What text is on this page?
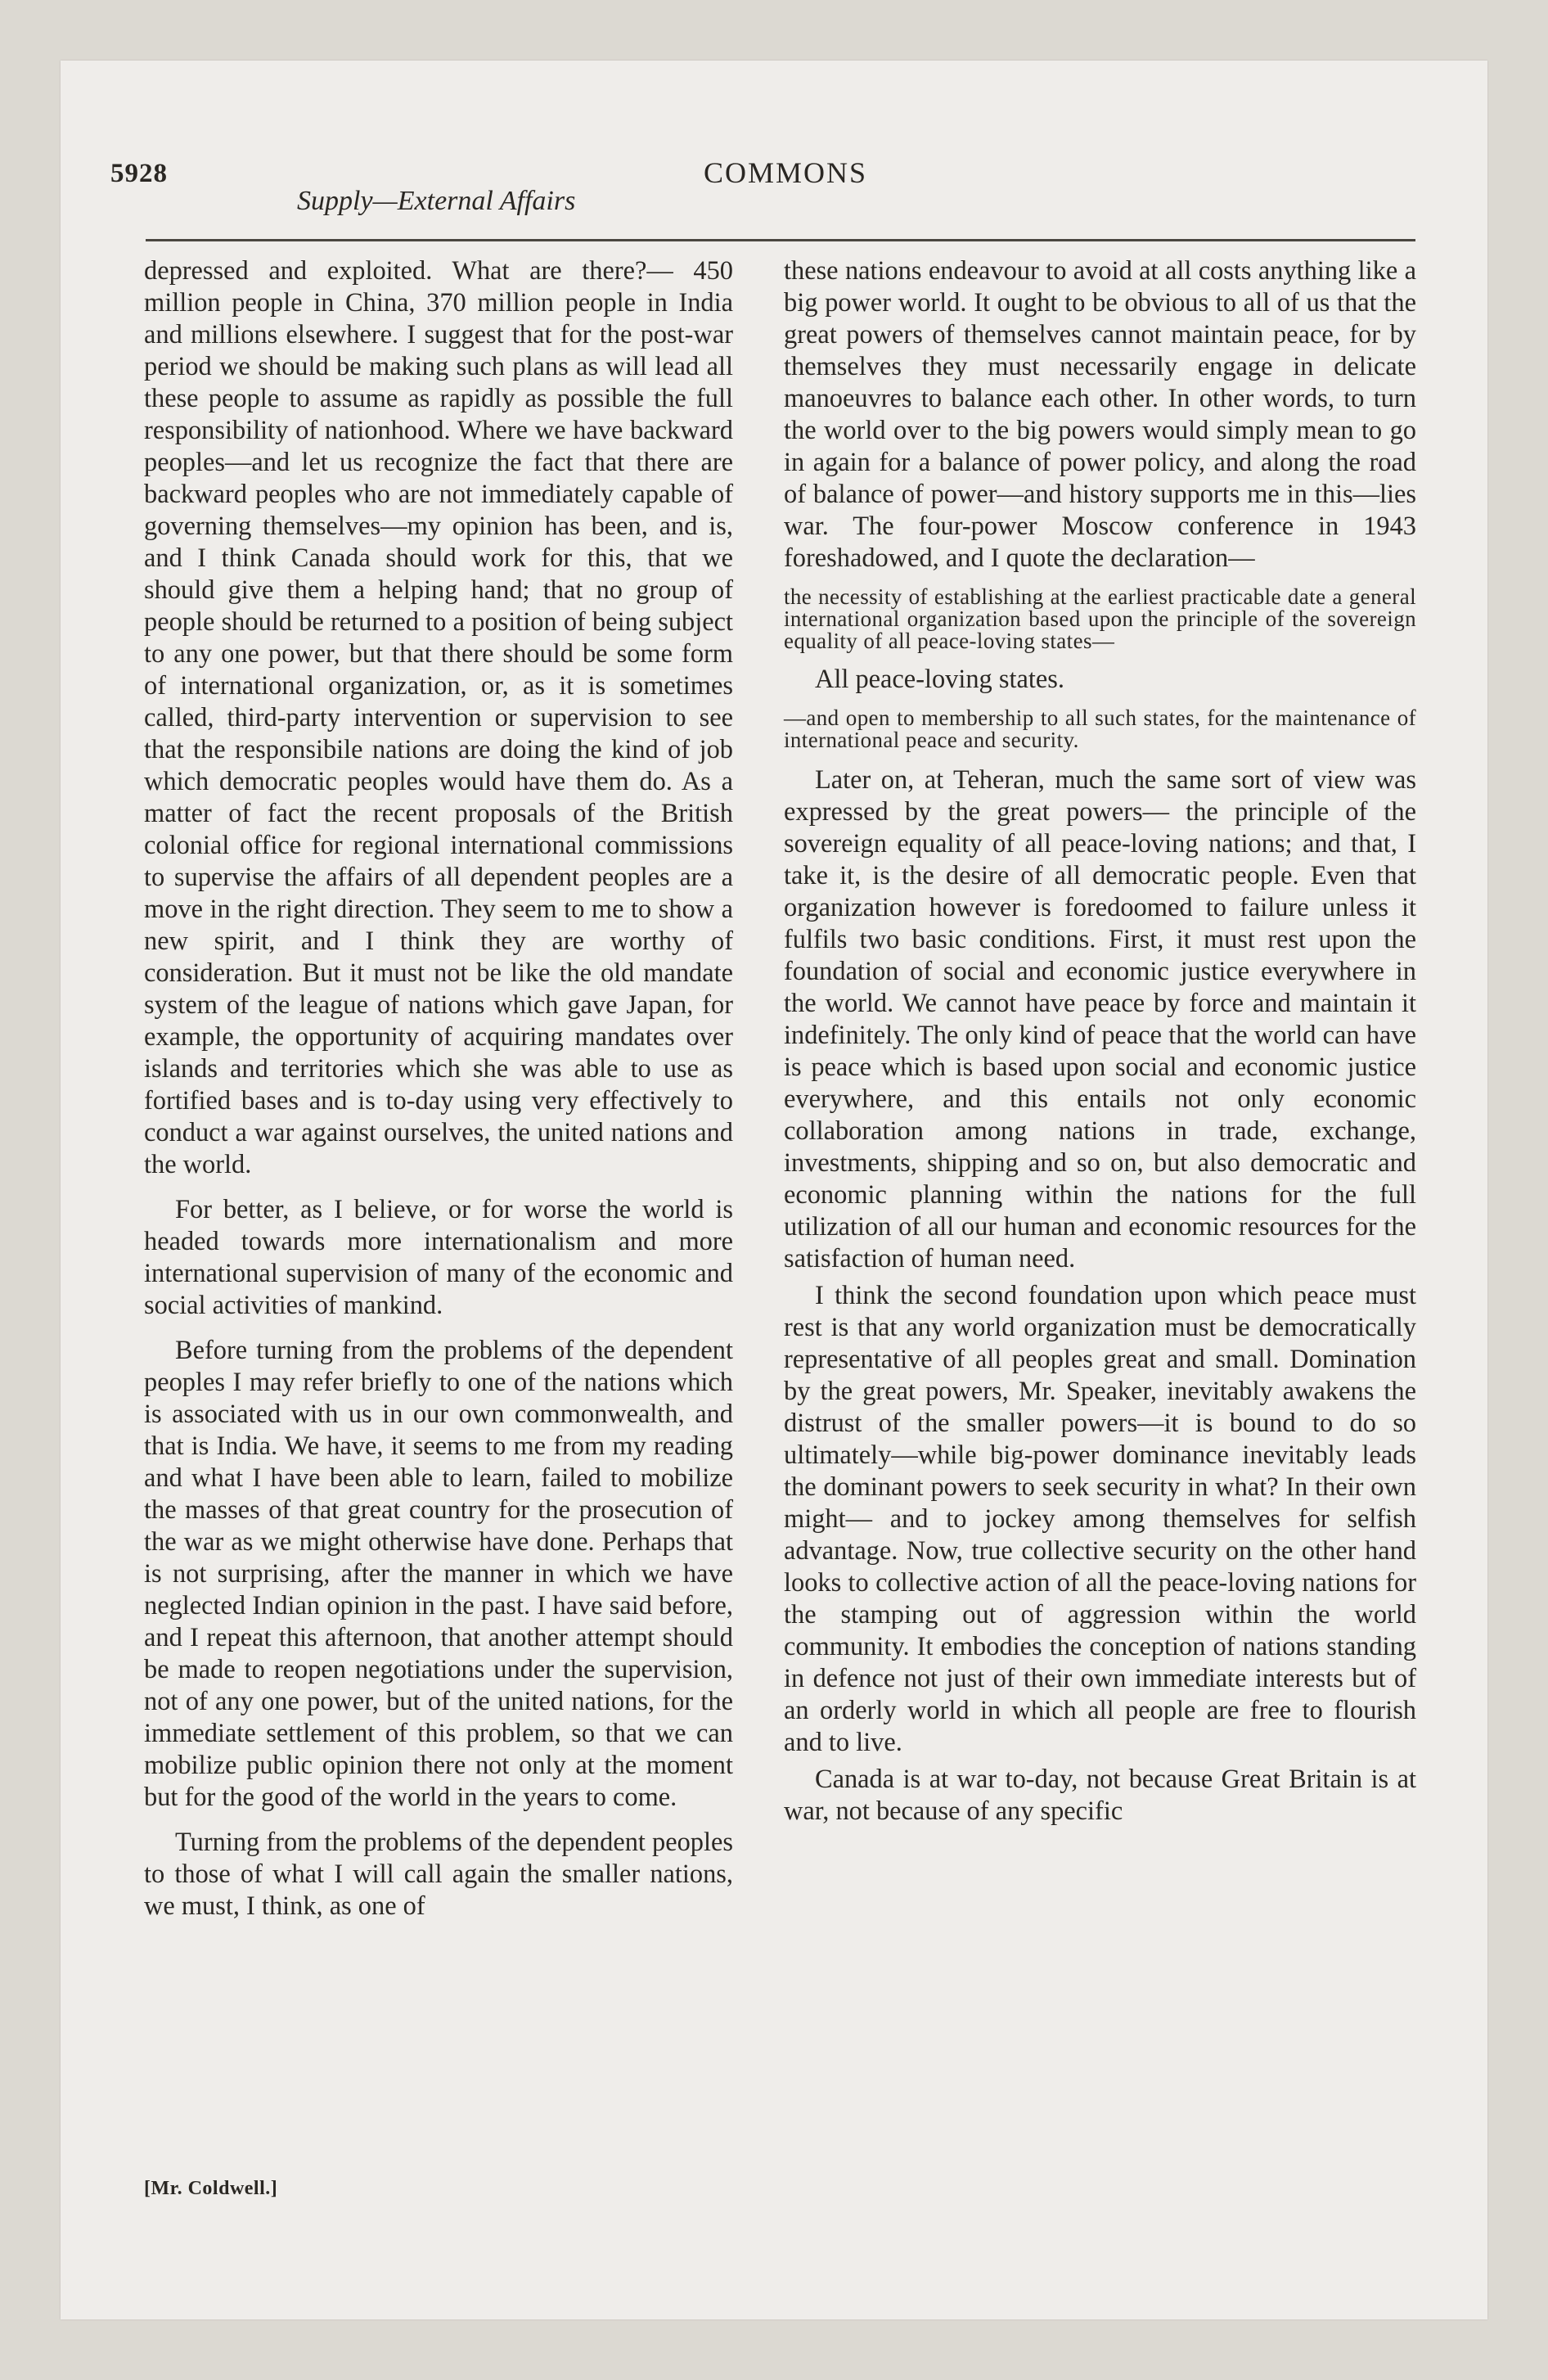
5928	COMMONS
Supply—External Affairs

depressed and exploited. What are there?— 450 million people in China, 370 million people in India and millions elsewhere. I suggest that for the post-war period we should be making such plans as will lead all these people to assume as rapidly as possible the full responsibility of nationhood. Where we have backward peoples—and let us recognize the fact that there are backward peoples who are not immediately capable of governing themselves—my opinion has been, and is, and I think Canada should work for this, that we should give them a helping hand; that no group of people should be returned to a position of being subject to any one power, but that there should be some form of international organization, or, as it is sometimes called, third-party intervention or supervision to see that the responsibile nations are doing the kind of job which democratic peoples would have them do. As a matter of fact the recent proposals of the British colonial office for regional international commissions to supervise the affairs of all dependent peoples are a move in the right direction. They seem to me to show a new spirit, and I think they are worthy of consideration. But it must not be like the old mandate system of the league of nations which gave Japan, for example, the opportunity of acquiring mandates over islands and territories which she was able to use as fortified bases and is to-day using very effectively to conduct a war against ourselves, the united nations and the world.

For better, as I believe, or for worse the world is headed towards more internationalism and more international supervision of many of the economic and social activities of mankind.

Before turning from the problems of the dependent peoples I may refer briefly to one of the nations which is associated with us in our own commonwealth, and that is India. We have, it seems to me from my reading and what I have been able to learn, failed to mobilize the masses of that great country for the prosecution of the war as we might otherwise have done. Perhaps that is not surprising, after the manner in which we have neglected Indian opinion in the past. I have said before, and I repeat this afternoon, that another attempt should be made to reopen negotiations under the supervision, not of any one power, but of the united nations, for the immediate settlement of this problem, so that we can mobilize public opinion there not only at the moment but for the good of the world in the years to come.

Turning from the problems of the dependent peoples to those of what I will call again the smaller nations, we must, I think, as one of

[Mr. Coldwell.]

these nations endeavour to avoid at all costs anything like a big power world. It ought to be obvious to all of us that the great powers of themselves cannot maintain peace, for by themselves they must necessarily engage in delicate manoeuvres to balance each other. In other words, to turn the world over to the big powers would simply mean to go in again for a balance of power policy, and along the road of balance of power—and history supports me in this—lies war. The four-power Moscow conference in 1943 foreshadowed, and I quote the declaration—

the necessity of establishing at the earliest practicable date a general international organization based upon the principle of the sovereign equality of all peace-loving states—

All peace-loving states.

—and open to membership to all such states, for the maintenance of international peace and security.

Later on, at Teheran, much the same sort of view was expressed by the great powers— the principle of the sovereign equality of all peace-loving nations; and that, I take it, is the desire of all democratic people. Even that organization however is foredoomed to failure unless it fulfils two basic conditions. First, it must rest upon the foundation of social and economic justice everywhere in the world. We cannot have peace by force and maintain it indefinitely. The only kind of peace that the world can have is peace which is based upon social and economic justice everywhere, and this entails not only economic collaboration among nations in trade, exchange, investments, shipping and so on, but also democratic and economic planning within the nations for the full utilization of all our human and economic resources for the satisfaction of human need.

I think the second foundation upon which peace must rest is that any world organization must be democratically representative of all peoples great and small. Domination by the great powers, Mr. Speaker, inevitably awakens the distrust of the smaller powers—it is bound to do so ultimately—while big-power dominance inevitably leads the dominant powers to seek security in what? In their own might— and to jockey among themselves for selfish advantage. Now, true collective security on the other hand looks to collective action of all the peace-loving nations for the stamping out of aggression within the world community. It embodies the conception of nations standing in defence not just of their own immediate interests but of an orderly world in which all people are free to flourish and to live.

Canada is at war to-day, not because Great Britain is at war, not because of any specific
